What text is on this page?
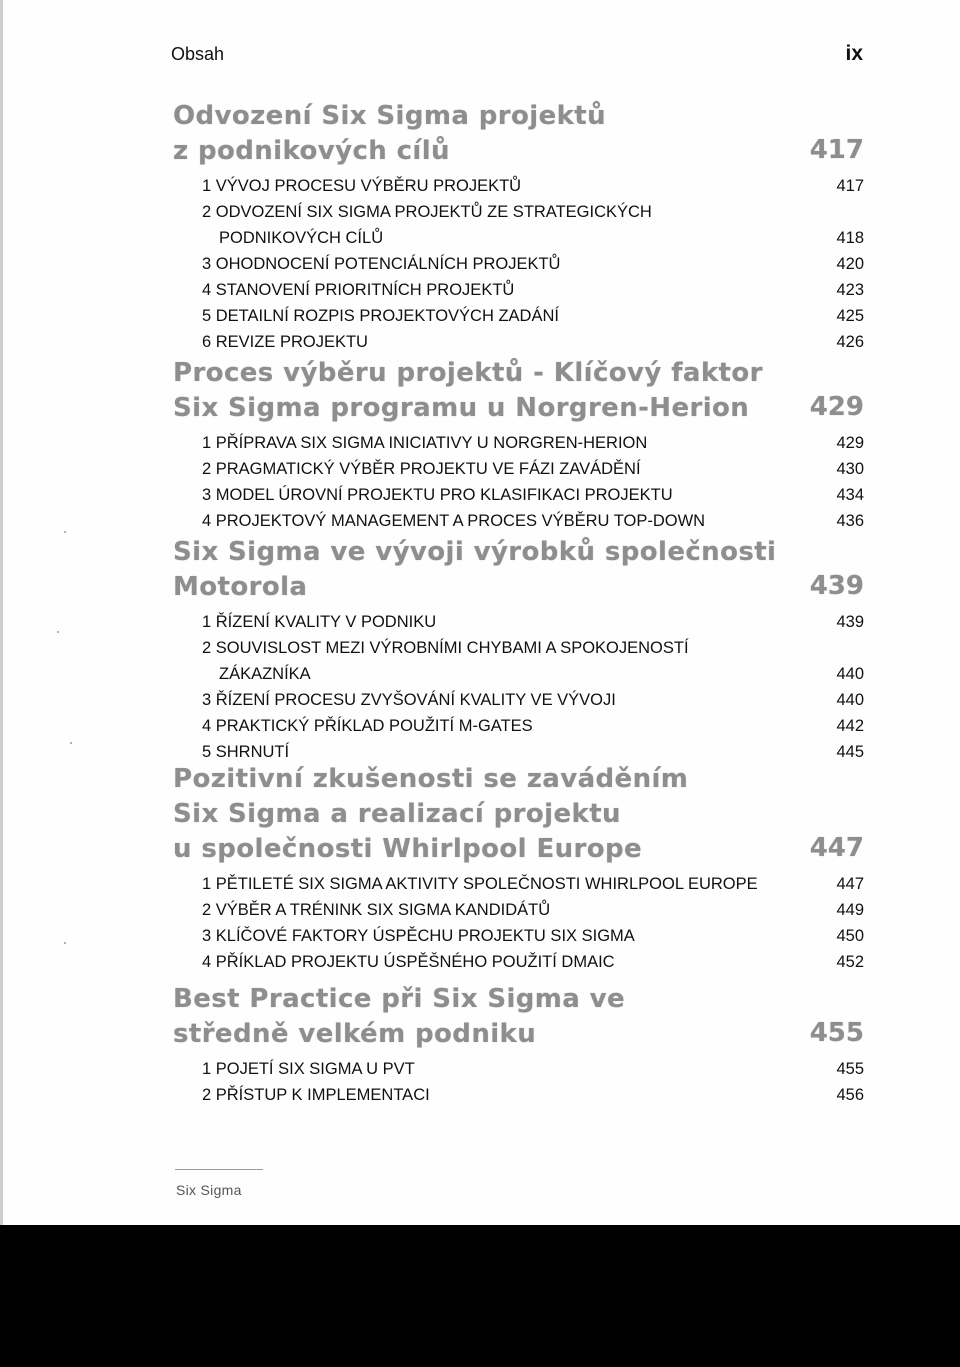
Obsah	ix
Odvození Six Sigma projektů
z podnikových cílů	417
1 VÝVOJ PROCESU VÝBĚRU PROJEKTŮ	417
2 ODVOZENÍ SIX SIGMA PROJEKTŮ ZE STRATEGICKÝCH
PODNIKOVÝCH CÍLŮ	418
3 OHODNOCENÍ POTENCIÁLNÍCH PROJEKTŮ	420
4 STANOVENÍ PRIORITNÍCH PROJEKTŮ	423
5 DETAILNÍ ROZPIS PROJEKTOVÝCH ZADÁNÍ	425
6 REVIZE PROJEKTU	426
Proces výběru projektů - Klíčový faktor
Six Sigma programu u Norgren-Herion	429
1 PŘÍPRAVA SIX SIGMA INICIATIVY U NORGREN-HERION	429
2 PRAGMATICKÝ VÝBĚR PROJEKTU VE FÁZI ZAVÁDĚNÍ	430
3 MODEL ÚROVNÍ PROJEKTU PRO KLASIFIKACI PROJEKTU	434
4 PROJEKTOVÝ MANAGEMENT A PROCES VÝBĚRU TOP-DOWN	436
Six Sigma ve vývoji výrobků společnosti
Motorola	439
1 ŘÍZENÍ KVALITY V PODNIKU	439
2 SOUVISLOST MEZI VÝROBNÍMI CHYBAMI A SPOKOJENOSTÍ
ZÁKAZNÍKA	440
3 ŘÍZENÍ PROCESU ZVYŠOVÁNÍ KVALITY VE VÝVOJI	440
4 PRAKTICKÝ PŘÍKLAD POUŽITÍ M-GATES	442
5 SHRNUTÍ	445
Pozitivní zkušenosti se zaváděním
Six Sigma a realizací projektu
u společnosti Whirlpool Europe	447
1 PĚTILETÉ SIX SIGMA AKTIVITY SPOLEČNOSTI WHIRLPOOL EUROPE	447
2 VÝBĚR A TRÉNINK SIX SIGMA KANDIDÁTŮ	449
3 KLÍČOVÉ FAKTORY ÚSPĚCHU PROJEKTU SIX SIGMA	450
4 PŘÍKLAD PROJEKTU ÚSPĚŠNÉHO POUŽITÍ DMAIC	452
Best Practice při Six Sigma ve
středně velkém podniku	455
1 POJETÍ SIX SIGMA U PVT	455
2 PŘÍSTUP K IMPLEMENTACI	456
Six Sigma
